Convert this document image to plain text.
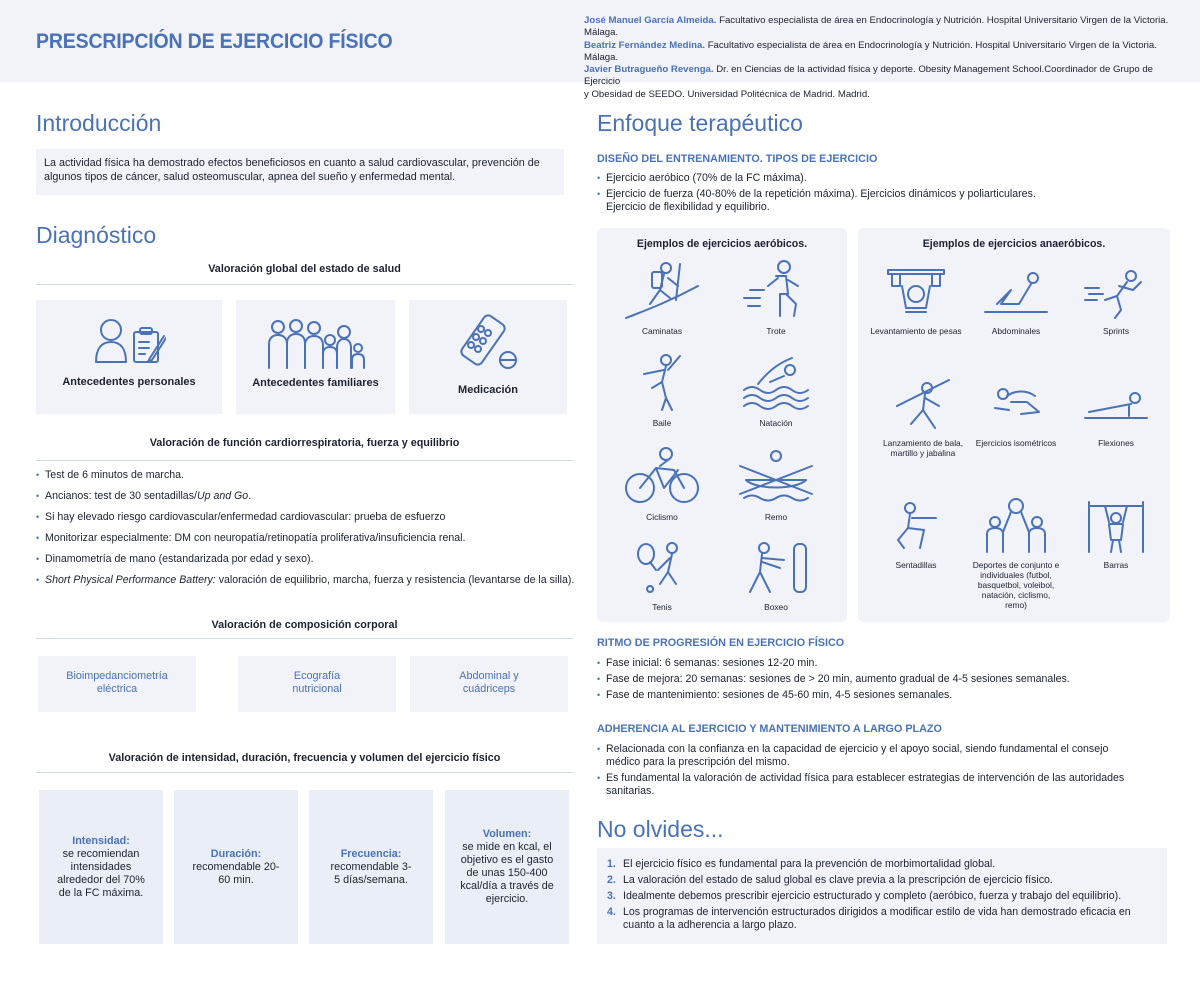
PRESCRIPCIÓN DE EJERCICIO FÍSICO
José Manuel García Almeida. Facultativo especialista de área en Endocrinología y Nutrición. Hospital Universitario Virgen de la Victoria. Málaga.
Beatriz Fernández Medina. Facultativo especialista de área en Endocrinología y Nutrición. Hospital Universitario Virgen de la Victoria. Málaga.
Javier Butragueño Revenga. Dr. en Ciencias de la actividad física y deporte. Obesity Management School.Coordinador de Grupo de Ejercicio
y Obesidad de SEEDO. Universidad Politécnica de Madrid. Madrid.
Introducción
La actividad física ha demostrado efectos beneficiosos en cuanto a salud cardiovascular, prevención de algunos tipos de cáncer, salud osteomuscular, apnea del sueño y enfermedad mental.
Diagnóstico
Valoración global del estado de salud
Antecedentes personales	Antecedentes familiares
Medicación
Valoración de función cardiorrespiratoria, fuerza y equilibrio
• Test de 6 minutos de marcha.
• Ancianos: test de 30 sentadillas/Up and Go.
• Si hay elevado riesgo cardiovascular/enfermedad cardiovascular: prueba de esfuerzo
• Monitorizar especialmente: DM con neuropatía/retinopatía proliferativa/insuficiencia renal.
• Dinamometría de mano (estandarizada por edad y sexo).
• Short Physical Performance Battery: valoración de equilibrio, marcha, fuerza y resistencia (levantarse de la silla).
Valoración de composición corporal
Bioimpedanciometría eléctrica
Ecografía nutricional
Abdominal y cuádriceps
Valoración de intensidad, duración, frecuencia y volumen del ejercicio físico
Intensidad:
se recomiendan intensidades alrededor del 70% de la FC máxima.
Duración:
recomendable 20-60 min.
Frecuencia:
recomendable 3-5 días/semana.
Volumen:
se mide en kcal, el objetivo es el gasto de unas 150-400 kcal/día a través de ejercicio.
Enfoque terapéutico
DISEÑO DEL ENTRENAMIENTO. TIPOS DE EJERCICIO
• Ejercicio aeróbico (70% de la FC máxima).
• Ejercicio de fuerza (40-80% de la repetición máxima). Ejercicios dinámicos y poliarticulares. Ejercicio de flexibilidad y equilibrio.
Ejemplos de ejercicios aeróbicos.
Caminatas	Trote
Baile	Natación
Ciclismo	Remo
Tenis	Boxeo
Ejemplos de ejercicios anaeróbicos.
Levantamiento de pesas	Abdominales	Sprints
Lanzamiento de bala, martillo y jabalina
Ejercicios isométricos	Flexiones
Sentadillas	Deportes de conjunto e individuales (futbol, basquetbol, voleibol, natación, ciclismo, remo)
Barras
RITMO DE PROGRESIÓN EN EJERCICIO FÍSICO
• Fase inicial: 6 semanas: sesiones 12-20 min.
• Fase de mejora: 20 semanas: sesiones de > 20 min, aumento gradual de 4-5 sesiones semanales.
• Fase de mantenimiento: sesiones de 45-60 min, 4-5 sesiones semanales.
ADHERENCIA AL EJERCICIO Y MANTENIMIENTO A LARGO PLAZO
• Relacionada con la confianza en la capacidad de ejercicio y el apoyo social, siendo fundamental el consejo médico para la prescripción del mismo.
• Es fundamental la valoración de actividad física para establecer estrategias de intervención de las autoridades sanitarias.
No olvides...
1. El ejercicio físico es fundamental para la prevención de morbimortalidad global.
2. La valoración del estado de salud global es clave previa a la prescripción de ejercicio físico.
3. Idealmente debemos prescribir ejercicio estructurado y completo (aeróbico, fuerza y trabajo del equilibrio).
4. Los programas de intervención estructurados dirigidos a modificar estilo de vida han demostrado eficacia en cuanto a la adherencia a largo plazo.
